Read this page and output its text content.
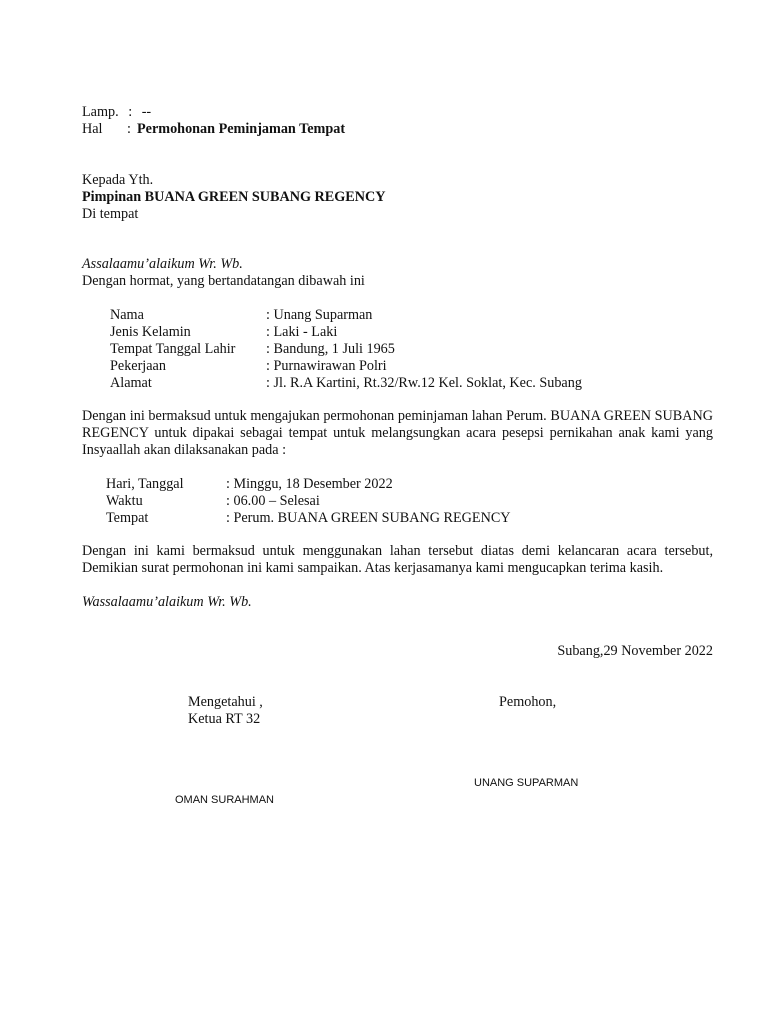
Lamp. : --
Hal : Permohonan Peminjaman Tempat
Kepada Yth.
Pimpinan BUANA GREEN SUBANG REGENCY
Di tempat
Assalaamu’alaikum Wr. Wb.
Dengan hormat, yang bertandatangan dibawah ini
Nama	: Unang Suparman
Jenis Kelamin	: Laki - Laki
Tempat Tanggal Lahir : Bandung, 1 Juli 1965
Pekerjaan	: Purnawirawan Polri
Alamat	: Jl. R.A Kartini, Rt.32/Rw.12 Kel. Soklat, Kec. Subang
Dengan ini bermaksud untuk mengajukan permohonan peminjaman lahan Perum. BUANA GREEN SUBANG REGENCY untuk dipakai sebagai tempat untuk melangsungkan acara pesepsi pernikahan anak kami yang Insyaallah akan dilaksanakan pada :
Hari, Tanggal	: Minggu, 18 Desember 2022
Waktu	: 06.00 – Selesai
Tempat	: Perum. BUANA GREEN SUBANG REGENCY
Dengan ini kami bermaksud untuk menggunakan lahan tersebut diatas demi kelancaran acara tersebut, Demikian surat permohonan ini kami sampaikan. Atas kerjasamanya kami mengucapkan terima kasih.
Wassalaamu’alaikum Wr. Wb.
Subang,29 November 2022
Mengetahui ,
Ketua RT 32
Pemohon,
UNANG SUPARMAN
OMAN SURAHMAN
